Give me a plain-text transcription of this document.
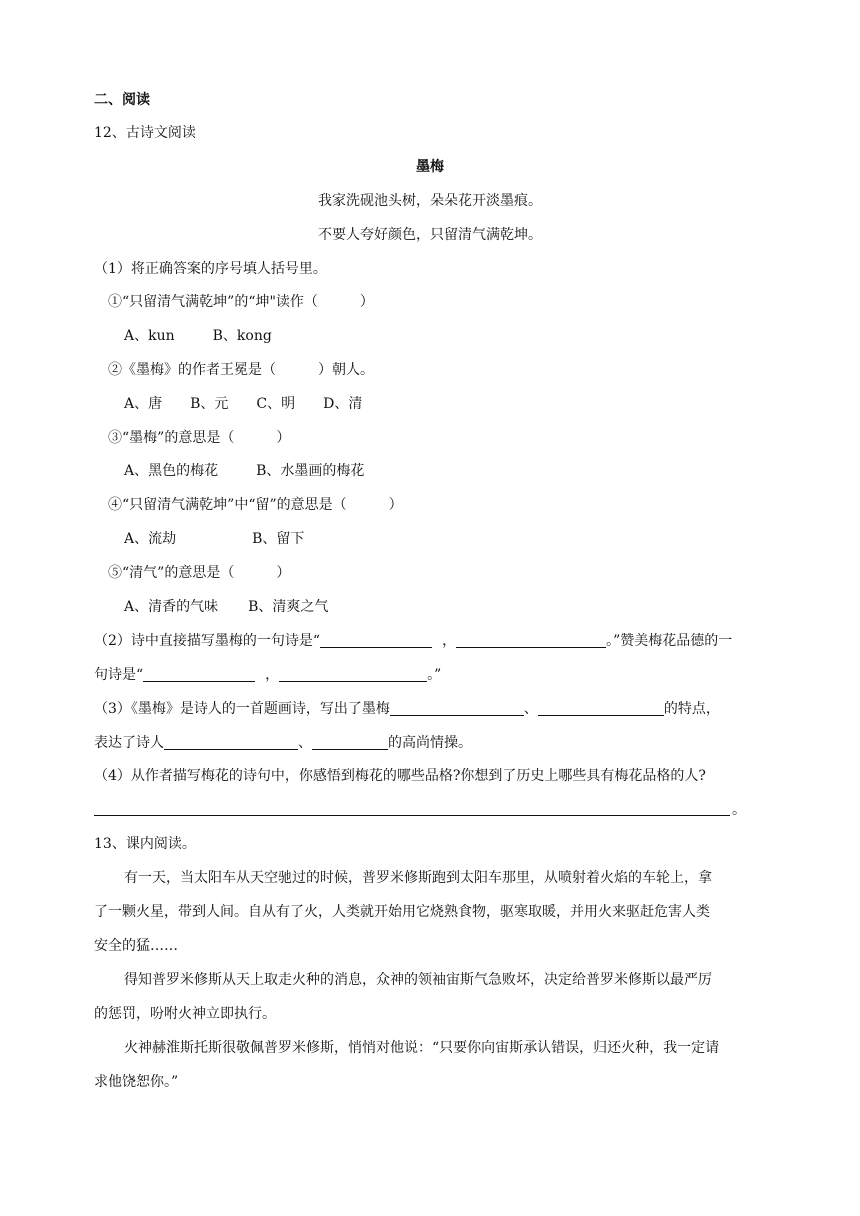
二、阅读
12、古诗文阅读
墨梅
我家洗砚池头树，朵朵花开淡墨痕。
不要人夸好颜色，只留清气满乾坤。
（1）将正确答案的序号填人括号里。
①“只留清气满乾坤”的“坤"读作（　　　）
A、kun	B、kong
②《墨梅》的作者王冕是（　　　）朝人。
A、唐 B、元 C、明 D、清
③“墨梅”的意思是（　　　）
A、黑色的梅花	B、水墨画的梅花
④“只留清气满乾坤”中“留”的意思是（　　　）
A、流劫	B、留下
⑤“清气”的意思是（　　　）
A、清香的气味 B、清爽之气
（2）诗中直接描写墨梅的一句诗是“	，	。”赞美梅花品德的一
句诗是“	，	。”
（3）《墨梅》是诗人的一首题画诗，写出了墨梅	、	的特点，
表达了诗人	、	的高尚情操。
（4）从作者描写梅花的诗句中，你感悟到梅花的哪些品格?你想到了历史上哪些具有梅花品格的人?
。
13、课内阅读。
有一天，当太阳车从天空驰过的时候，普罗米修斯跑到太阳车那里，从喷射着火焰的车轮上，拿
了一颗火星，带到人间。自从有了火，人类就开始用它烧熟食物，驱寒取暖，并用火来驱赶危害人类
安全的猛……
得知普罗米修斯从天上取走火种的消息，众神的领袖宙斯气急败坏，决定给普罗米修斯以最严厉
的惩罚，吩咐火神立即执行。
火神赫淮斯托斯很敬佩普罗米修斯，悄悄对他说：“只要你向宙斯承认错误，归还火种，我一定请
求他饶恕你。”
